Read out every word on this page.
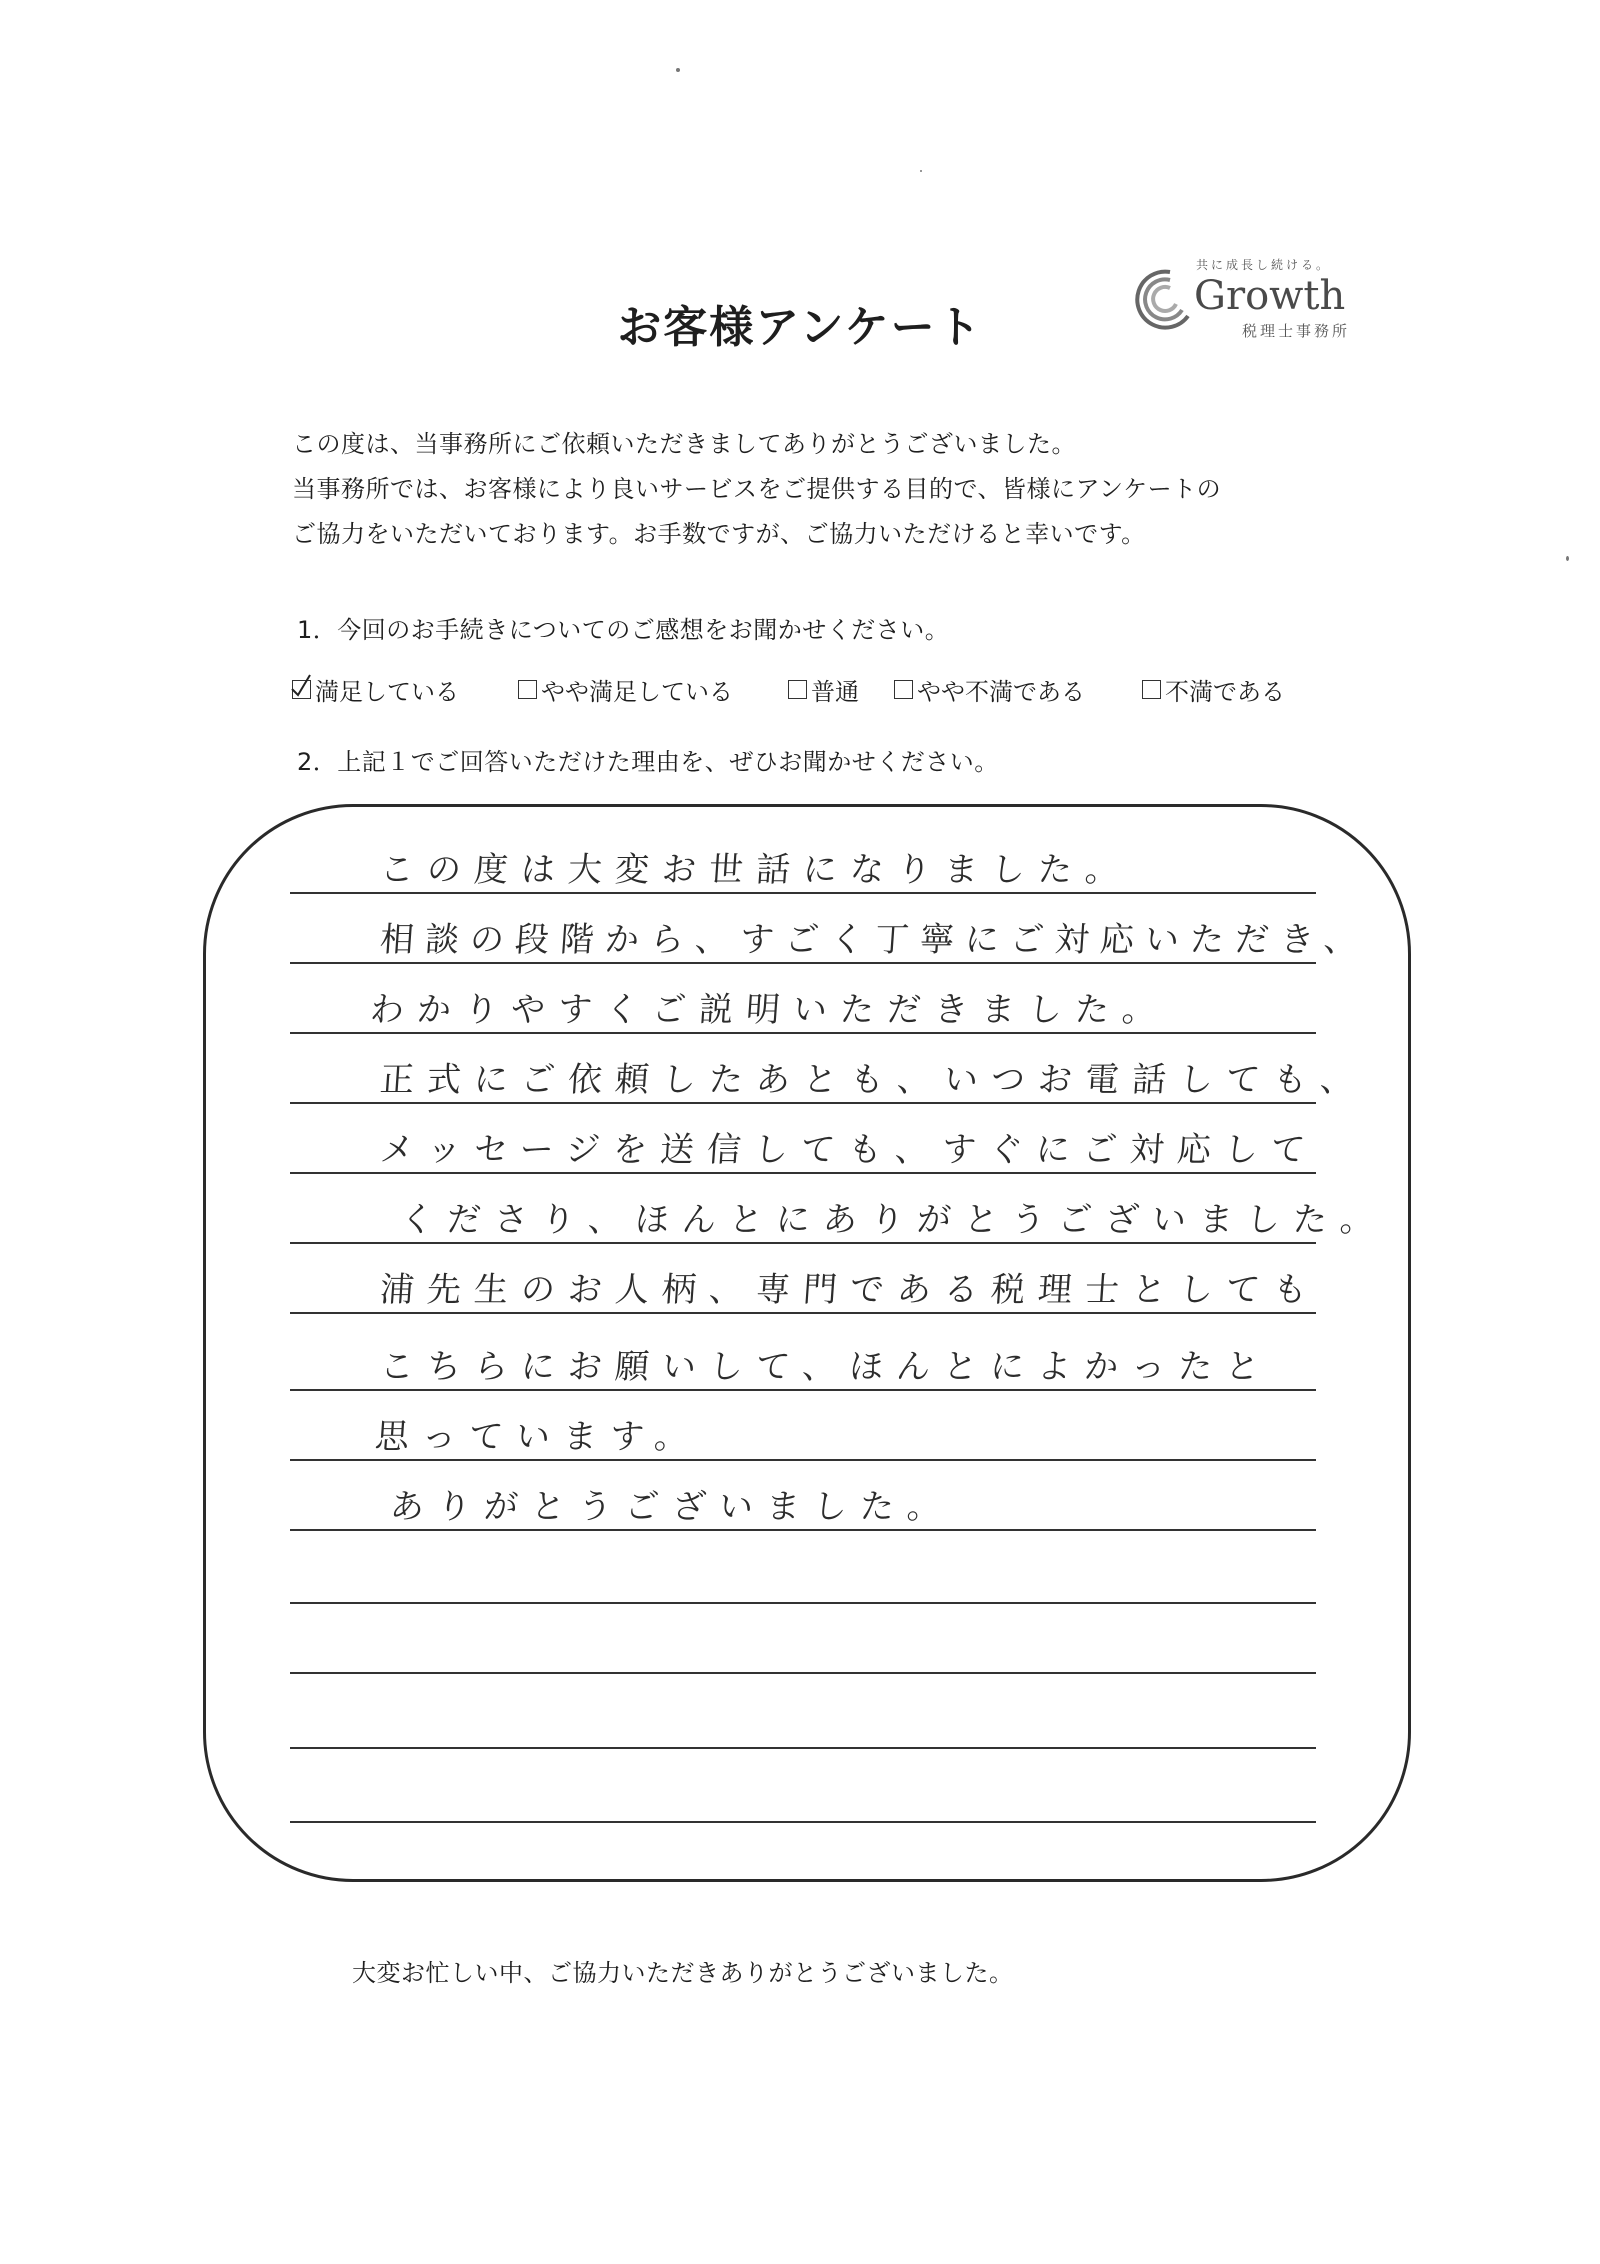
お客様アンケート
共に成長し続ける。
Growth
税理士事務所
この度は、当事務所にご依頼いただきましてありがとうございました。
当事務所では、お客様により良いサービスをご提供する目的で、皆様にアンケートの
ご協力をいただいております。お手数ですが、ご協力いただけると幸いです。
1．今回のお手続きについてのご感想をお聞かせください。
満足している	やや満足している	普通 やや不満である	不満である
2．上記１でご回答いただけた理由を、ぜひお聞かせください。
この度は大変お世話になりました。
相談の段階から、すごく丁寧にご対応いただき、
わかりやすくご説明いただきました。
正式にご依頼したあとも、いつお電話しても、
メッセージを送信しても、すぐにご対応して
くださり、ほんとにありがとうございました。
浦先生のお人柄、専門である税理士としても
こちらにお願いして、ほんとによかったと
思っています。
ありがとうございました。
大変お忙しい中、ご協力いただきありがとうございました。
